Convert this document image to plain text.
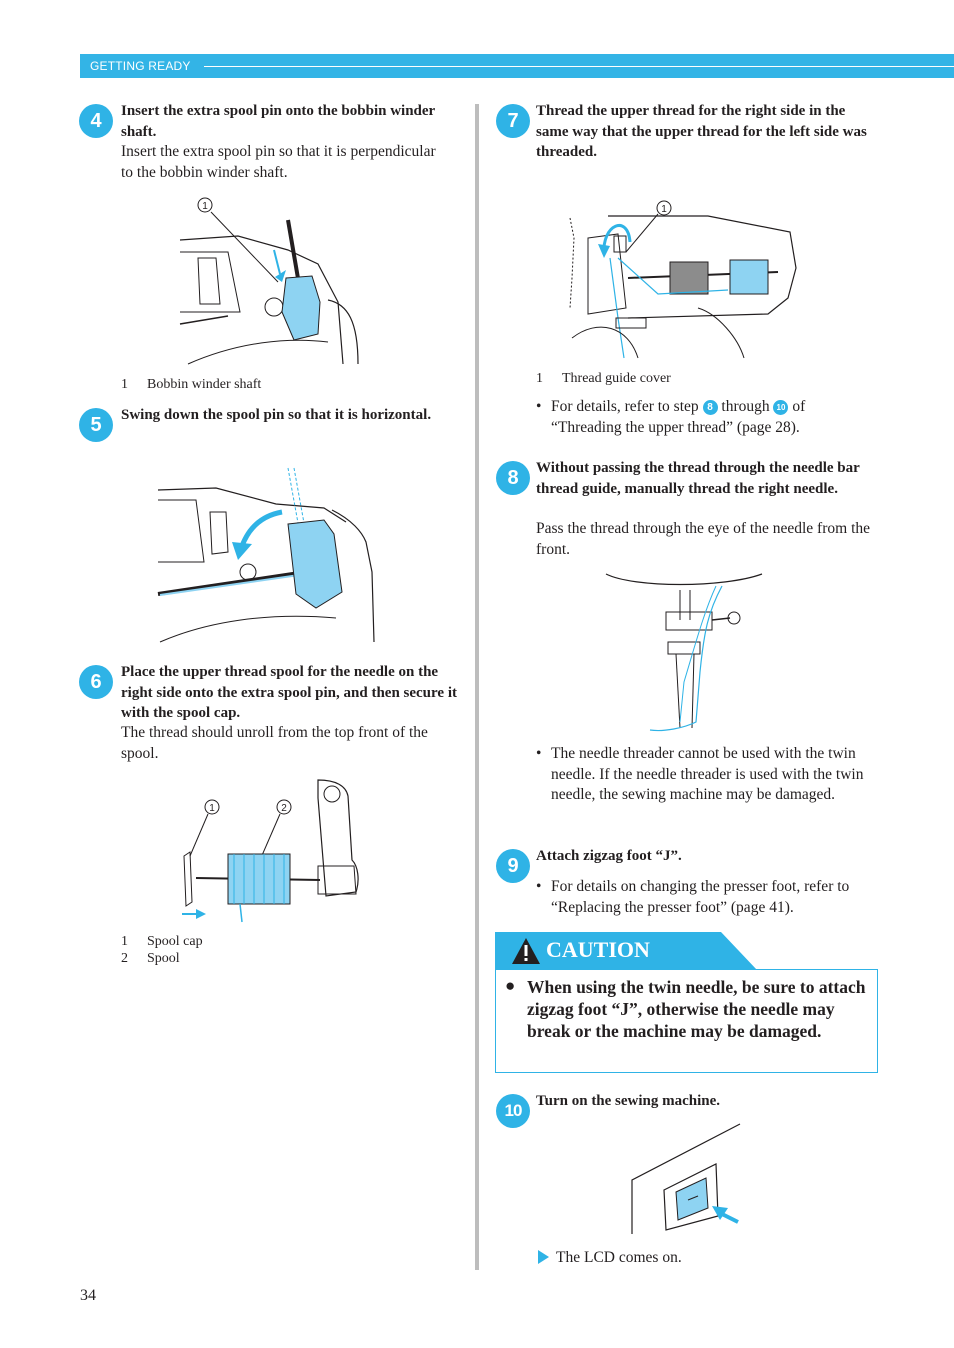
GETTING READY
4	Insert the extra spool pin onto the bobbin winder shaft.
Insert the extra spool pin so that it is perpendicular to the bobbin winder shaft.
1
1 Bobbin winder shaft
5	Swing down the spool pin so that it is horizontal.
6	Place the upper thread spool for the needle on the right side onto the extra spool pin, and then secure it with the spool cap.
The thread should unroll from the top front of the spool.
1	2
1 Spool cap
2 Spool
7	Thread the upper thread for the right side in the same way that the upper thread for the left side was threaded.
1
1 Thread guide cover
• For details, refer to step 8 through 10 of
“Threading the upper thread” (page 28).
8	Without passing the thread through the needle bar thread guide, manually thread the right needle.
Pass the thread through the eye of the needle from the front.
• The needle threader cannot be used with the twin needle. If the needle threader is used with the twin needle, the sewing machine may be damaged.
9	Attach zigzag foot “J”.
• For details on changing the presser foot, refer to “Replacing the presser foot” (page 41).
CAUTION
● When using the twin needle, be sure to attach zigzag foot “J”, otherwise the needle may break or the machine may be damaged.
10 Turn on the sewing machine.
The LCD comes on.
34
